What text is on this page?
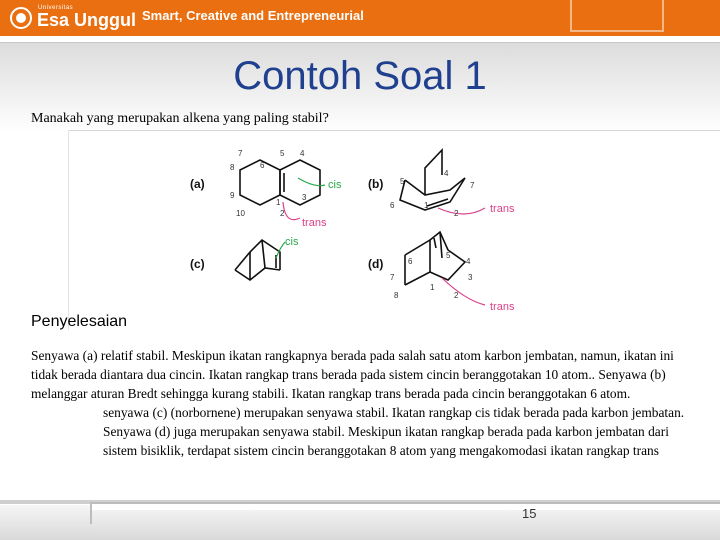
Universitas
Esa Unggul Smart, Creative and Entrepreneurial
Contoh Soal 1
Manakah yang merupakan alkena yang paling stabil?
(a)	(b)
(c)	(d)
cis
trans
trans
cis
trans
7
6
5
8
4
9
1
3
10	2
4
5
6	1
7
2
6
5
4
7	3
8
1
2
Penyelesaian

Senyawa (a) relatif stabil. Meskipun ikatan rangkapnya berada pada salah satu atom karbon jembatan, namun, ikatan ini tidak berada diantara dua cincin. Ikatan rangkap trans berada pada sistem cincin beranggotakan 10 atom.. Senyawa (b) melanggar aturan Bredt sehingga kurang stabili. Ikatan rangkap trans berada pada cincin beranggotakan 6 atom.

senyawa (c) (norbornene) merupakan senyawa stabil. Ikatan rangkap cis tidak berada pada karbon jembatan. Senyawa (d) juga merupakan senyawa stabil. Meskipun ikatan rangkap berada pada karbon jembatan dari sistem bisiklik, terdapat sistem cincin beranggotakan 8 atom yang mengakomodasi ikatan rangkap trans

15
